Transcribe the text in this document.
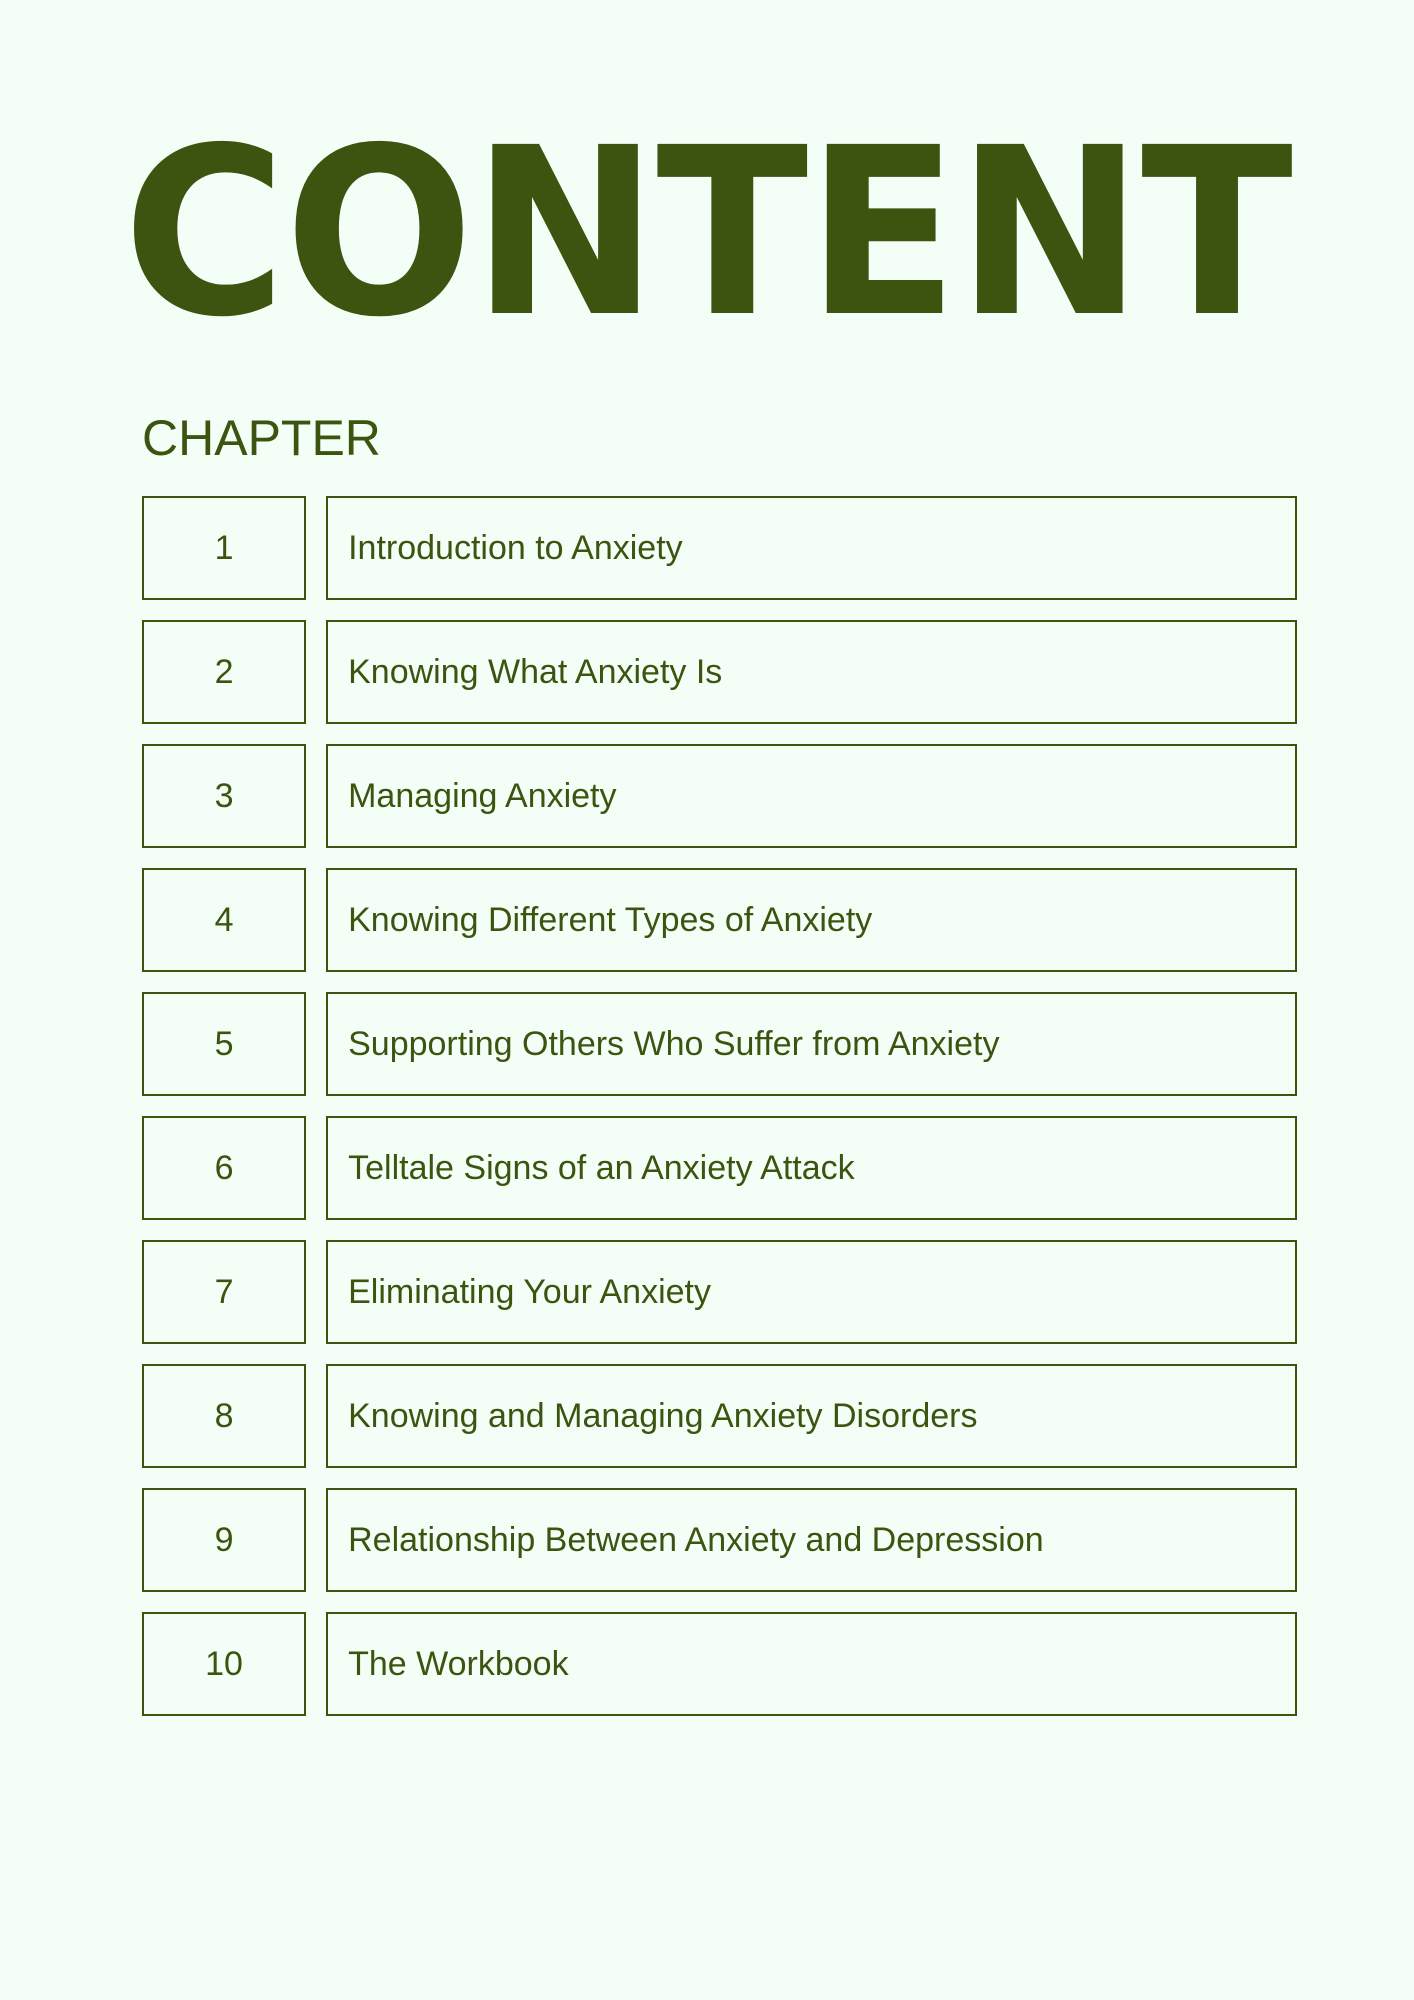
CONTENT
CHAPTER
1	Introduction to Anxiety
2	Knowing What Anxiety Is
3	Managing Anxiety
4	Knowing Different Types of Anxiety
5	Supporting Others Who Suffer from Anxiety
6	Telltale Signs of an Anxiety Attack
7	Eliminating Your Anxiety
8	Knowing and Managing Anxiety Disorders
9	Relationship Between Anxiety and Depression
10	The Workbook
